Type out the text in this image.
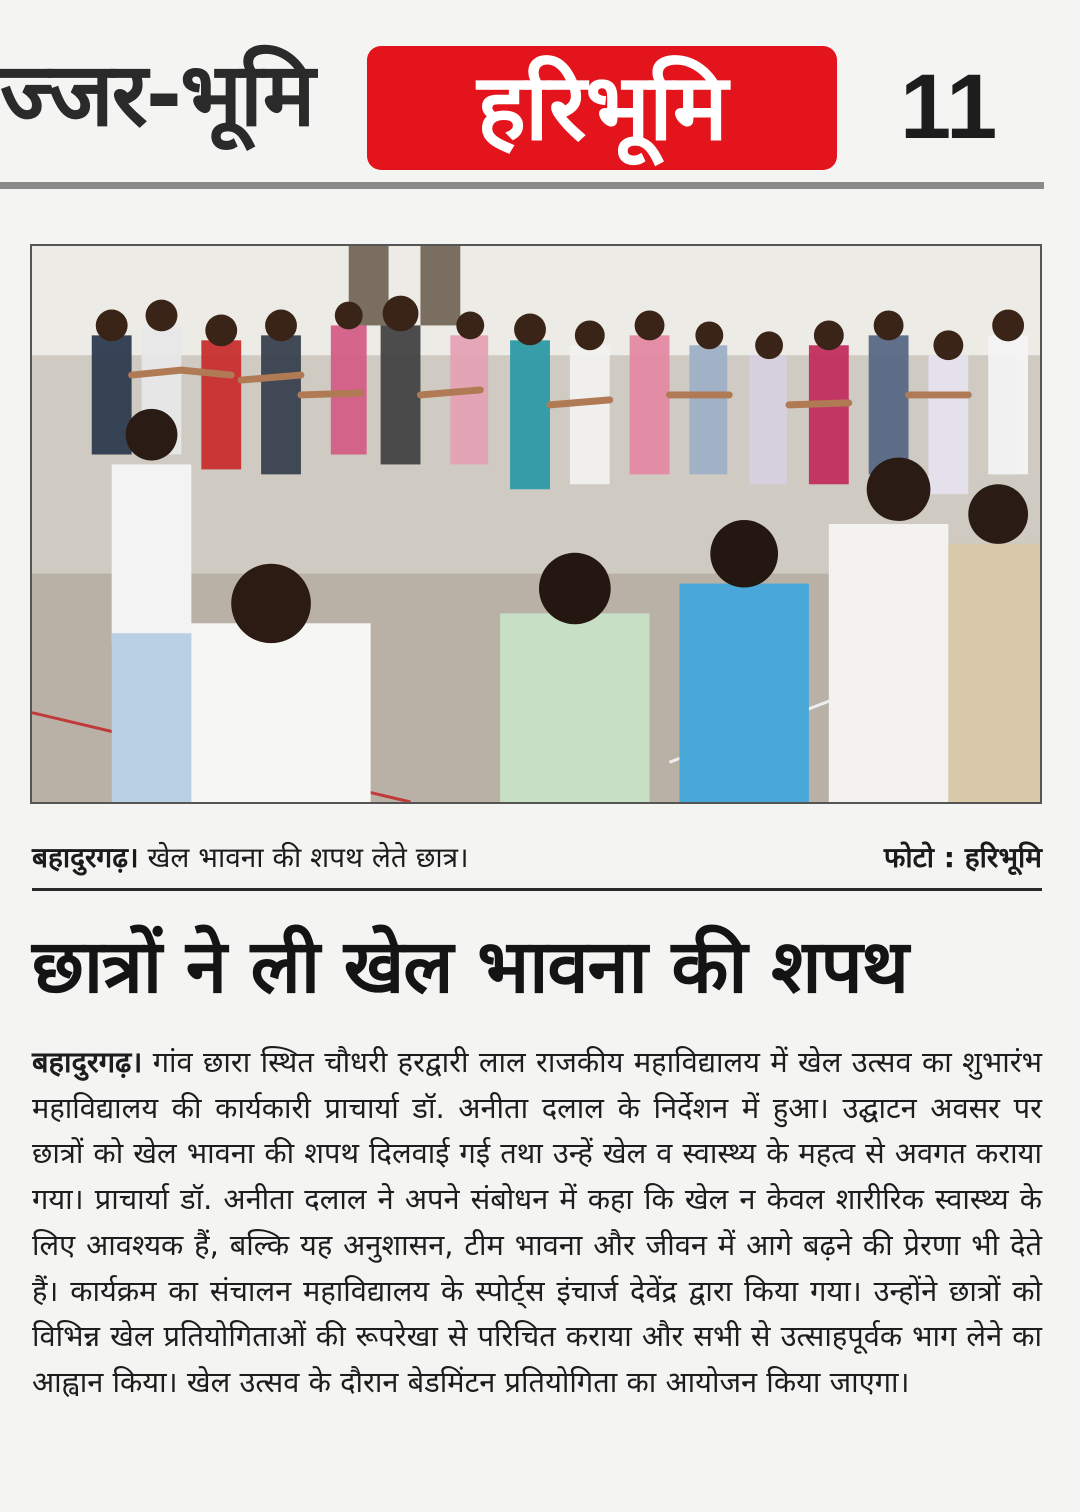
ज्जर-भूमि हरिभूमि 11
बहादुरगढ़। खेल भावना की शपथ लेते छात्र।	फोटो : हरिभूमि
छात्रों ने ली खेल भावना की शपथ
बहादुरगढ़। गांव छारा स्थित चौधरी हरद्वारी लाल राजकीय महाविद्यालय में खेल उत्सव का शुभारंभ महाविद्यालय की कार्यकारी प्राचार्या डॉ. अनीता दलाल के निर्देशन में हुआ। उद्घाटन अवसर पर छात्रों को खेल भावना की शपथ दिलवाई गई तथा उन्हें खेल व स्वास्थ्य के महत्व से अवगत कराया गया। प्राचार्या डॉ. अनीता दलाल ने अपने संबोधन में कहा कि खेल न केवल शारीरिक स्वास्थ्य के लिए आवश्यक हैं, बल्कि यह अनुशासन, टीम भावना और जीवन में आगे बढ़ने की प्रेरणा भी देते हैं। कार्यक्रम का संचालन महाविद्यालय के स्पोर्ट्स इंचार्ज देवेंद्र द्वारा किया गया। उन्होंने छात्रों को विभिन्न खेल प्रतियोगिताओं की रूपरेखा से परिचित कराया और सभी से उत्साहपूर्वक भाग लेने का आह्वान किया। खेल उत्सव के दौरान बेडमिंटन प्रतियोगिता का आयोजन किया जाएगा।
